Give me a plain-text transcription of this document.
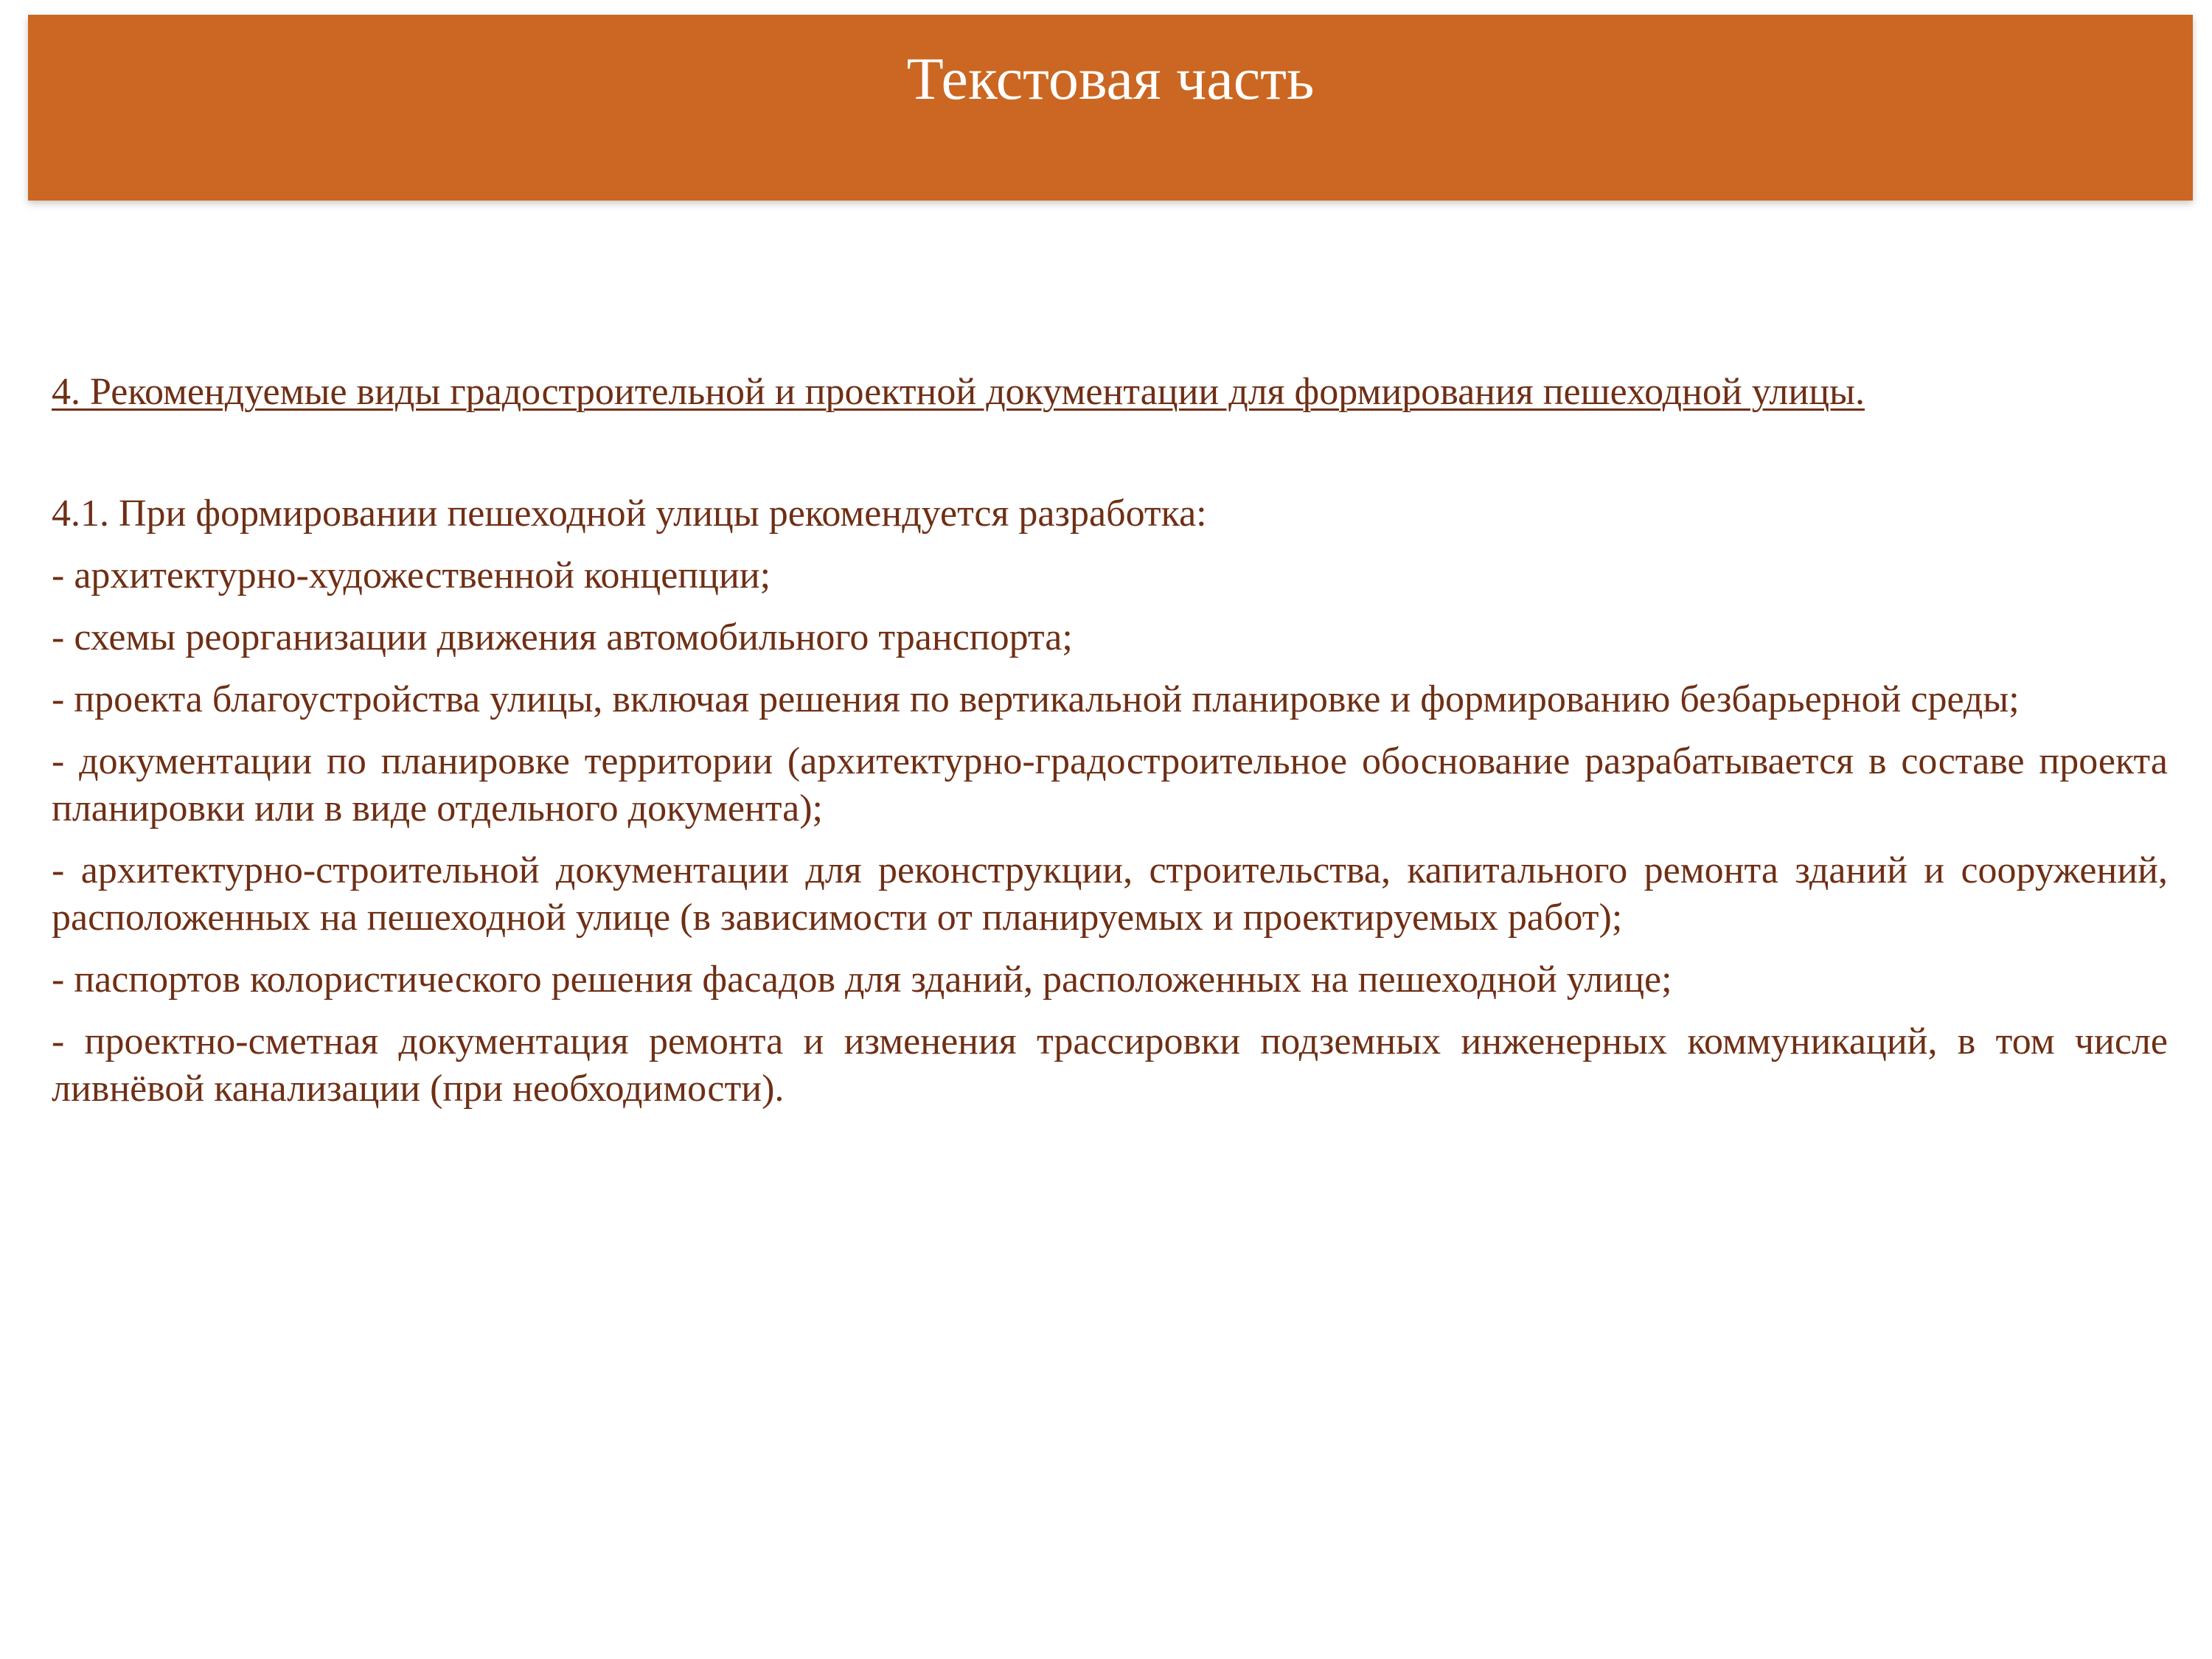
Текстовая часть

4. Рекомендуемые виды градостроительной и проектной документации для формирования пешеходной улицы.

4.1. При формировании пешеходной улицы рекомендуется разработка:

- архитектурно-художественной концепции;
- схемы реорганизации движения автомобильного транспорта;
- проекта благоустройства улицы, включая решения по вертикальной планировке и формированию безбарьерной среды;
- документации по планировке территории (архитектурно-градостроительное обоснование разрабатывается в составе проекта планировки или в виде отдельного документа);
- архитектурно-строительной документации для реконструкции, строительства, капитального ремонта зданий и сооружений, расположенных на пешеходной улице (в зависимости от планируемых и проектируемых работ);
- паспортов колористического решения фасадов для зданий, расположенных на пешеходной улице;
- проектно-сметная документация ремонта и изменения трассировки подземных инженерных коммуникаций, в том числе ливнёвой канализации (при необходимости).
